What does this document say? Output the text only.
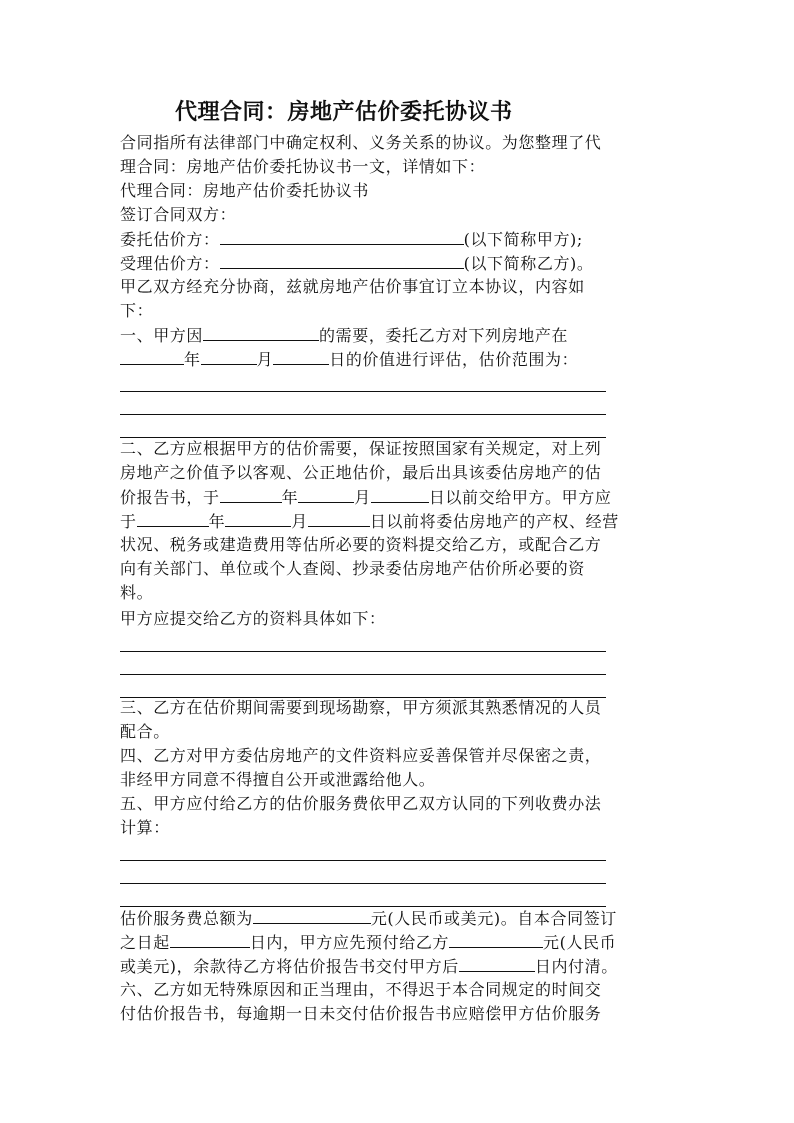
代理合同：房地产估价委托协议书
合同指所有法律部门中确定权利、义务关系的协议。为您整理了代
理合同：房地产估价委托协议书一文，详情如下：
代理合同：房地产估价委托协议书
签订合同双方：
委托估价方：	(以下简称甲方);
受理估价方：	(以下简称乙方)。
甲乙双方经充分协商，兹就房地产估价事宜订立本协议，内容如
下：
一、甲方因	的需要，委托乙方对下列房地产在
年	月	日的价值进行评估，估价范围为：
二、乙方应根据甲方的估价需要，保证按照国家有关规定，对上列
房地产之价值予以客观、公正地估价，最后出具该委估房地产的估
价报告书，于	年	月	日以前交给甲方。甲方应
于	年	月	日以前将委估房地产的产权、经营
状况、税务或建造费用等估所必要的资料提交给乙方，或配合乙方
向有关部门、单位或个人查阅、抄录委估房地产估价所必要的资
料。
甲方应提交给乙方的资料具体如下：
三、乙方在估价期间需要到现场勘察，甲方须派其熟悉情况的人员
配合。
四、乙方对甲方委估房地产的文件资料应妥善保管并尽保密之责，
非经甲方同意不得擅自公开或泄露给他人。
五、甲方应付给乙方的估价服务费依甲乙双方认同的下列收费办法
计算：
估价服务费总额为	元(人民币或美元)。自本合同签订
之日起	日内，甲方应先预付给乙方	元(人民币
或美元)，余款待乙方将估价报告书交付甲方后	日内付清。
六、乙方如无特殊原因和正当理由，不得迟于本合同规定的时间交
付估价报告书，每逾期一日未交付估价报告书应赔偿甲方估价服务
